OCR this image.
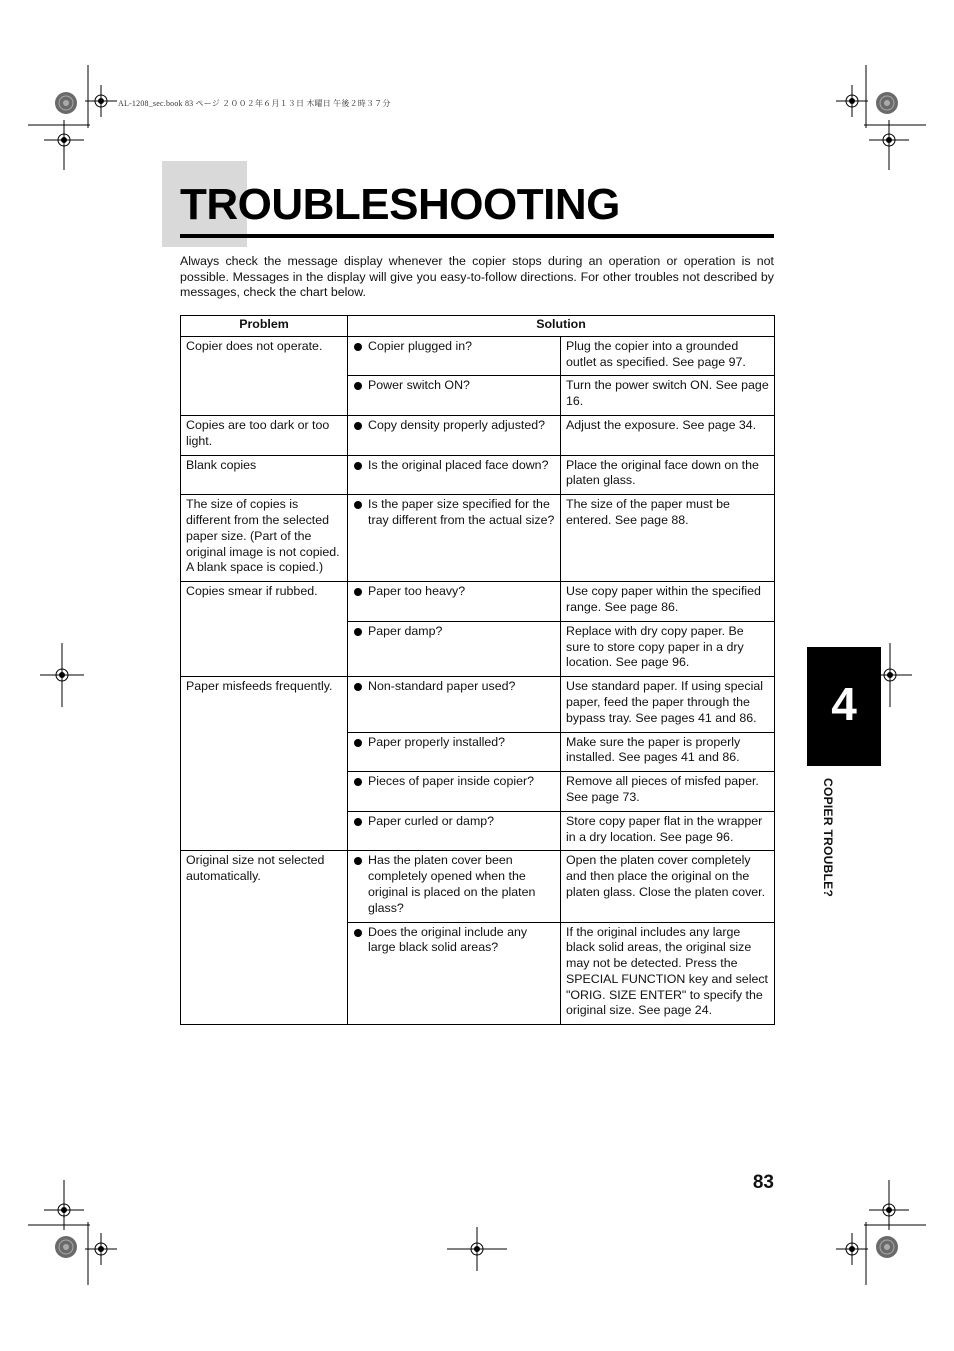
AL-1208_sec.book 83 ページ ２００２年６月１３日 木曜日 午後２時３７分
TROUBLESHOOTING

Always check the message display whenever the copier stops during an operation or operation is not possible. Messages in the display will give you easy-to-follow directions. For other troubles not described by messages, check the chart below.

Problem	Solution	
Copier does not operate.	Copier plugged in?	Plug the copier into a grounded outlet as specified. See page 97.

	Power switch ON?	Turn the power switch ON. See page 16.
Copies are too dark or too light.	Copy density properly adjusted?	Adjust the exposure. See page 34.
Blank copies	Is the original placed face down?	Place the original face down on the platen glass.
The size of copies is different from the selected paper size. (Part of the original image is not copied. A blank space is copied.)	Is the paper size specified for the tray different from the actual size?	The size of the paper must be entered. See page 88.
Copies smear if rubbed.	Paper too heavy?	Use copy paper within the specified range. See page 86.

	Paper damp?	Replace with dry copy paper. Be sure to store copy paper in a dry location. See page 96.
Paper misfeeds frequently.	Non-standard paper used?	Use standard paper. If using special paper, feed the paper through the bypass tray. See pages 41 and 86.

	Paper properly installed?	Make sure the paper is properly installed. See pages 41 and 86.

	Pieces of paper inside copier?	Remove all pieces of misfed paper. See page 73.

	Paper curled or damp?	Store copy paper flat in the wrapper in a dry location. See page 96.
Original size not selected automatically.	Has the platen cover been completely opened when the original is placed on the platen glass?	Open the platen cover completely and then place the original on the platen glass. Close the platen cover.

	Does the original include any large black solid areas?	If the original includes any large black solid areas, the original size may not be detected. Press the SPECIAL FUNCTION key and select "ORIG. SIZE ENTER" to specify the original size. See page 24.
4
COPIER TROUBLE?
83
